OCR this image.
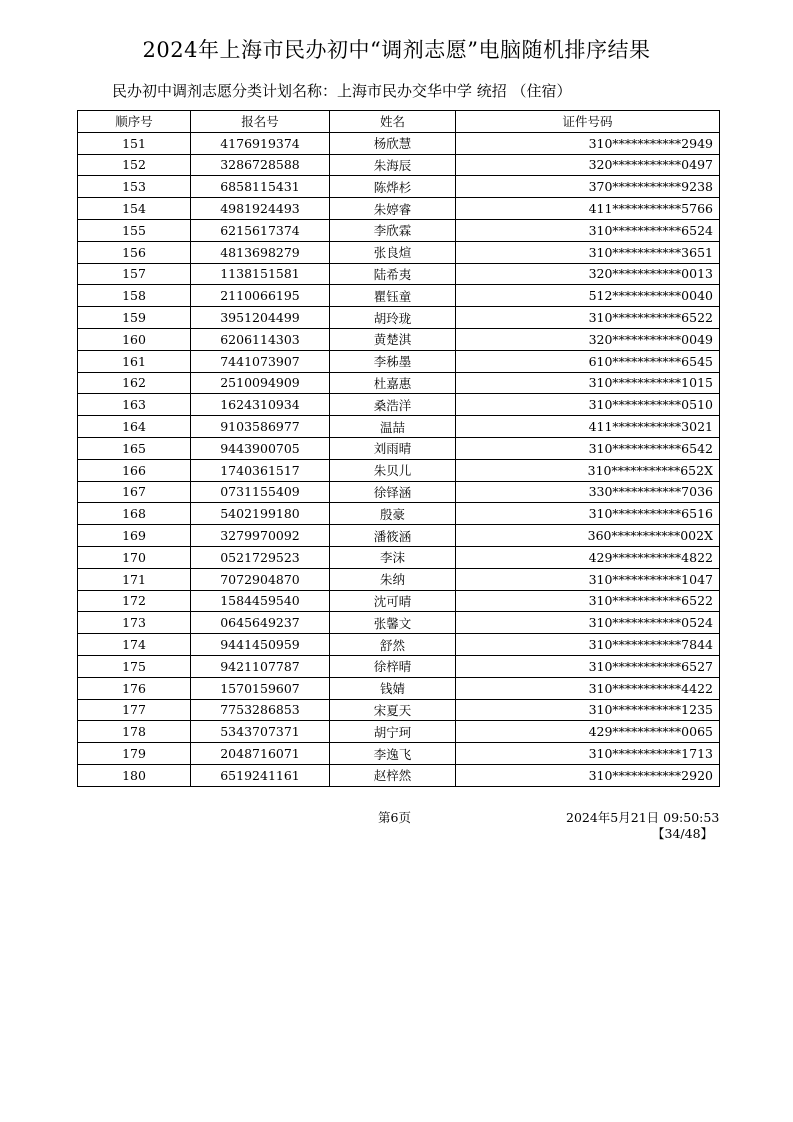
2024年上海市民办初中“调剂志愿”电脑随机排序结果
民办初中调剂志愿分类计划名称：上海市民办交华中学 统招 （住宿）
顺序号	报名号	姓名	证件号码
151	4176919374	杨欣慧	310***********2949
152	3286728588	朱海辰	320***********0497
153	6858115431	陈烨杉	370***********9238
154	4981924493	朱婷睿	411***********5766
155	6215617374	李欣霖	310***********6524
156	4813698279	张良煊	310***********3651
157	1138151581	陆希夷	320***********0013
158	2110066195	瞿钰童	512***********0040
159	3951204499	胡玲珑	310***********6522
160	6206114303	黄楚淇	320***********0049
161	7441073907	李秭墨	610***********6545
162	2510094909	杜嘉惠	310***********1015
163	1624310934	桑浩洋	310***********0510
164	9103586977	温喆	411***********3021
165	9443900705	刘雨晴	310***********6542
166	1740361517	朱贝儿	310***********652X
167	0731155409	徐铎涵	330***********7036
168	5402199180	殷豪	310***********6516
169	3279970092	潘筱涵	360***********002X
170	0521729523	李沫	429***********4822
171	7072904870	朱纳	310***********1047
172	1584459540	沈可晴	310***********6522
173	0645649237	张馨文	310***********0524
174	9441450959	舒然	310***********7844
175	9421107787	徐梓晴	310***********6527
176	1570159607	钱婧	310***********4422
177	7753286853	宋夏天	310***********1235
178	5343707371	胡宁珂	429***********0065
179	2048716071	李逸飞	310***********1713
180	6519241161	赵梓然	310***********2920
第6页	2024年5月21日 09:50:53
【34/48】
